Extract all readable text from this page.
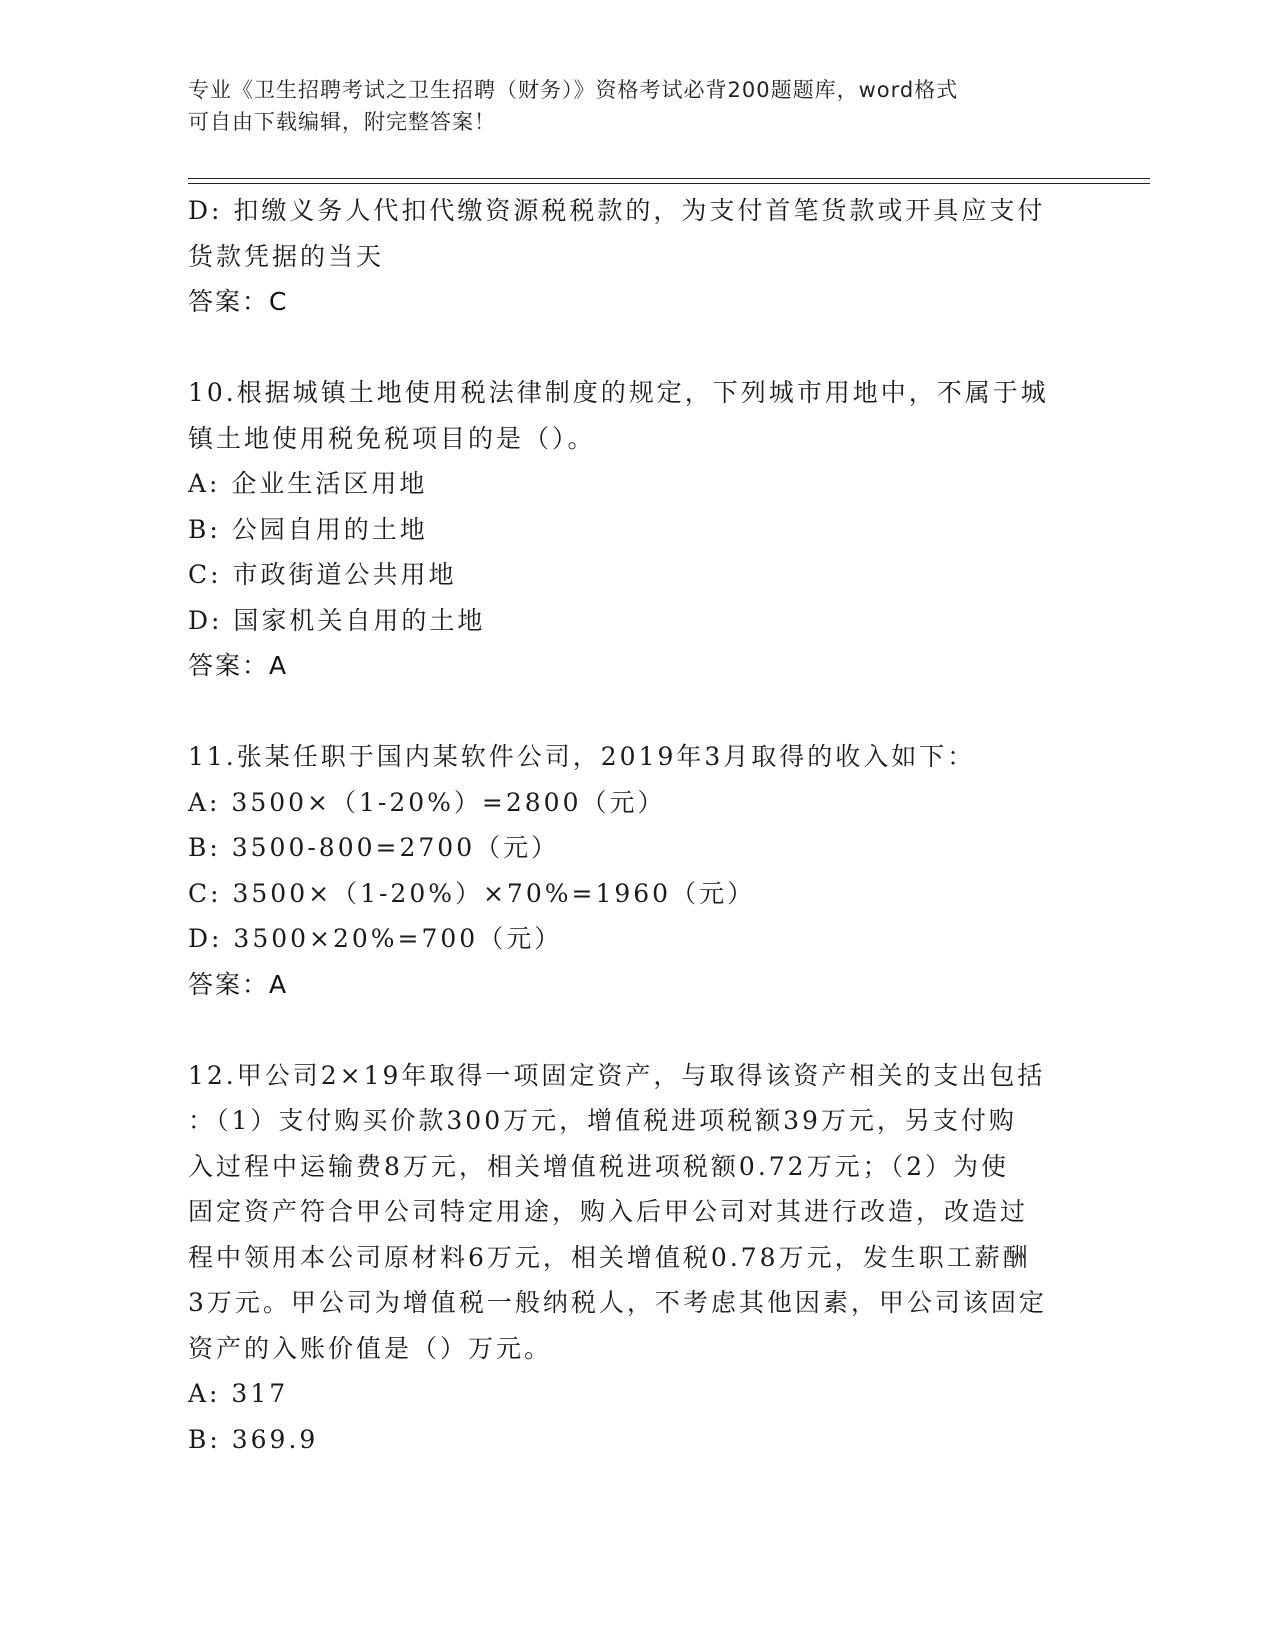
专业《卫生招聘考试之卫生招聘（财务）》资格考试必背200题题库，word格式
可自由下载编辑，附完整答案！
D: 扣缴义务人代扣代缴资源税税款的，为支付首笔货款或开具应支付
货款凭据的当天
答案：C
10.根据城镇土地使用税法律制度的规定，下列城市用地中，不属于城
镇土地使用税免税项目的是（）。
A: 企业生活区用地
B: 公园自用的土地
C: 市政街道公共用地
D: 国家机关自用的土地
答案：A
11.张某任职于国内某软件公司，2019年3月取得的收入如下：
A: 3500×（1-20%）=2800（元）
B: 3500-800=2700（元）
C: 3500×（1-20%）×70%=1960（元）
D: 3500×20%=700（元）
答案：A
12.甲公司2×19年取得一项固定资产，与取得该资产相关的支出包括
：（1）支付购买价款300万元，增值税进项税额39万元，另支付购
入过程中运输费8万元，相关增值税进项税额0.72万元；（2）为使
固定资产符合甲公司特定用途，购入后甲公司对其进行改造，改造过
程中领用本公司原材料6万元，相关增值税0.78万元，发生职工薪酬
3万元。甲公司为增值税一般纳税人，不考虑其他因素，甲公司该固定
资产的入账价值是（）万元。
A: 317
B: 369.9
